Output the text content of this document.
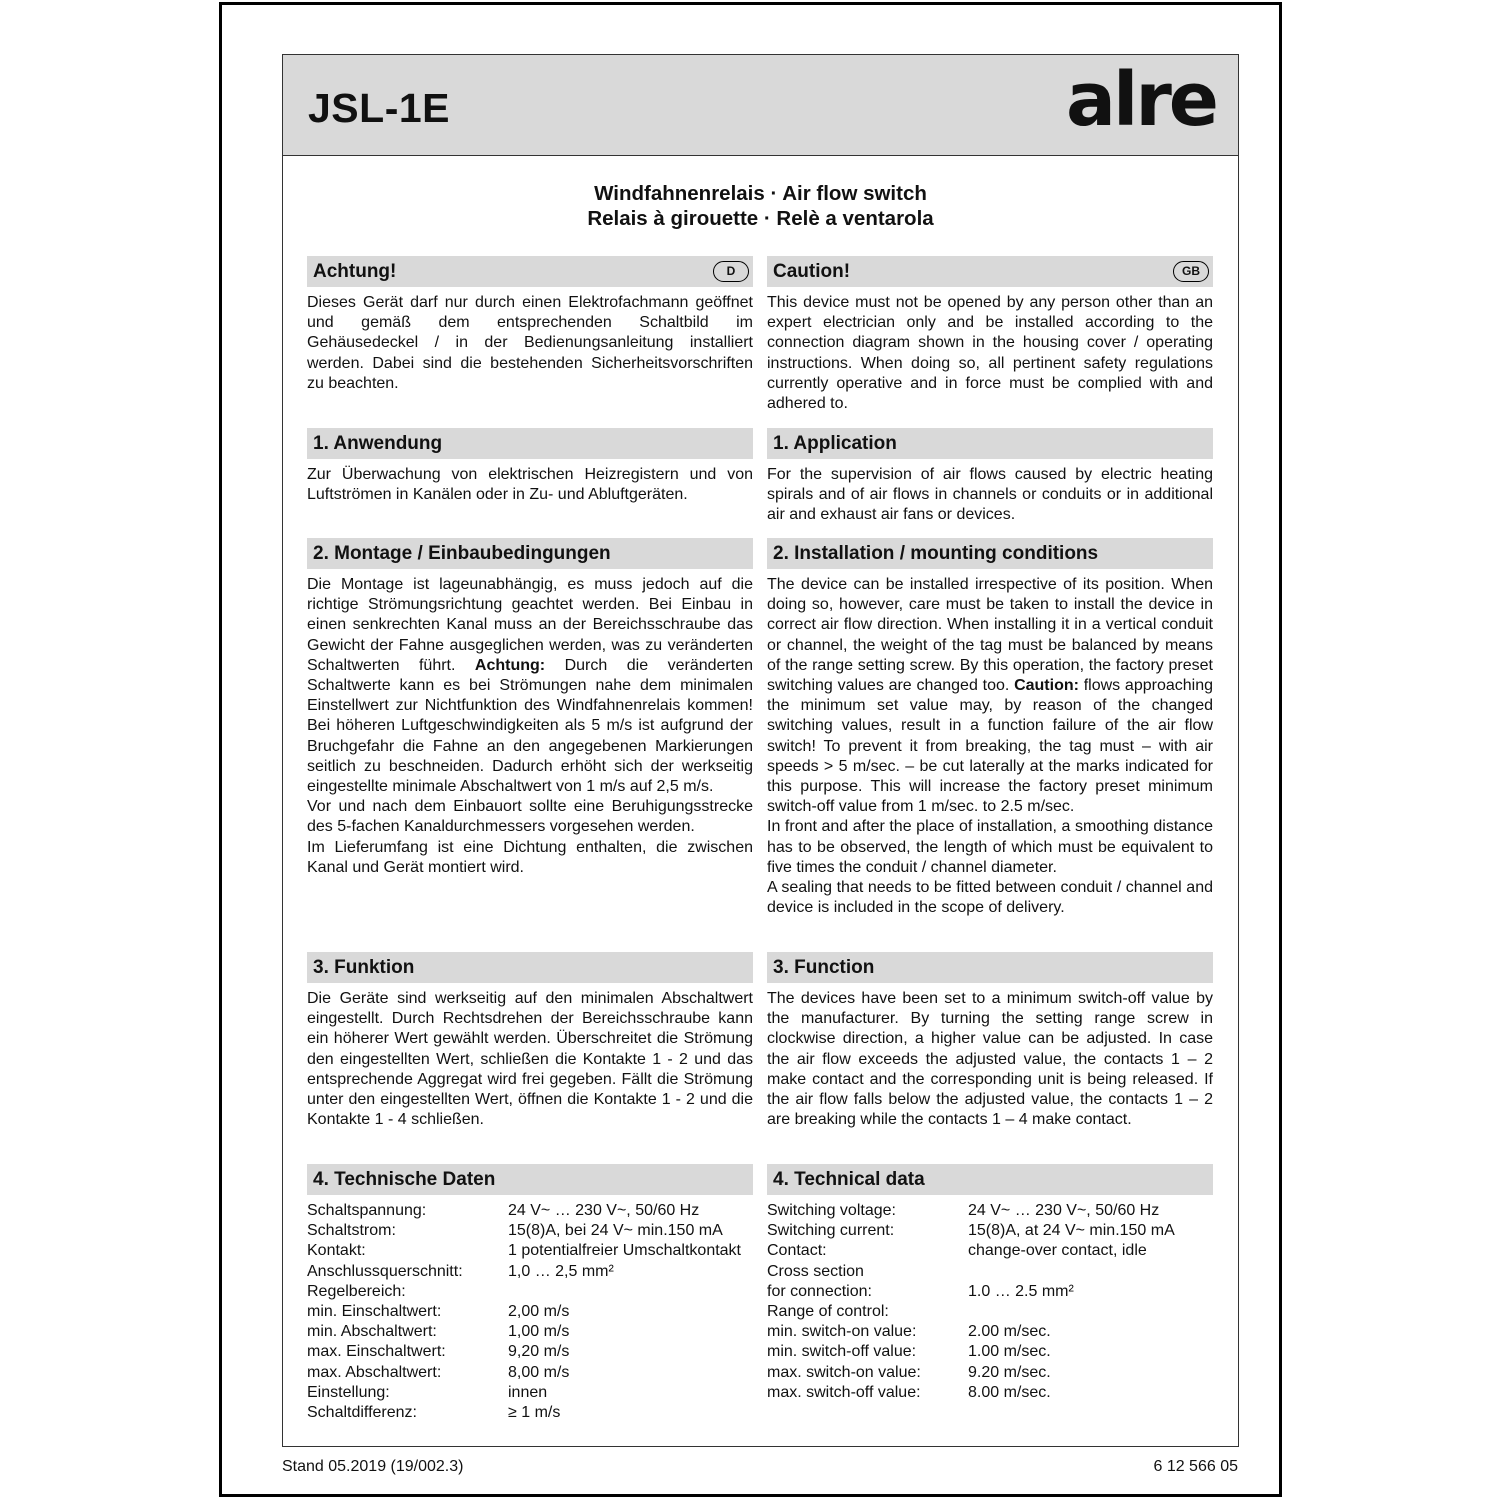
JSL-1E	alre
Windfahnenrelais · Air flow switch
Relais à girouette · Relè a ventarola
Achtung!	D

Dieses Gerät darf nur durch einen Elektrofachmann geöffnet und gemäß dem entsprechenden Schaltbild im Gehäusedeckel / in der Bedienungsanleitung installiert werden. Dabei sind die bestehenden Sicherheitsvorschriften zu beachten.

1. Anwendung

Zur Überwachung von elektrischen Heizregistern und von Luftströmen in Kanälen oder in Zu- und Abluftgeräten.

2. Montage / Einbaubedingungen

Die Montage ist lageunabhängig, es muss jedoch auf die richtige Strömungsrichtung geachtet werden. Bei Einbau in einen senkrechten Kanal muss an der Bereichsschraube das Gewicht der Fahne ausgeglichen werden, was zu veränderten Schaltwerten führt. Achtung: Durch die veränderten Schaltwerte kann es bei Strömungen nahe dem minimalen Einstellwert zur Nichtfunktion des Windfahnenrelais kommen! Bei höheren Luftgeschwindigkeiten als 5 m/s ist aufgrund der Bruchgefahr die Fahne an den angegebenen Markierungen seitlich zu beschneiden. Dadurch erhöht sich der werkseitig eingestellte minimale Abschaltwert von 1 m/s auf 2,5 m/s.

Vor und nach dem Einbauort sollte eine Beruhigungsstrecke des 5-fachen Kanaldurchmessers vorgesehen werden.

Im Lieferumfang ist eine Dichtung enthalten, die zwischen Kanal und Gerät montiert wird.

3. Funktion

Die Geräte sind werkseitig auf den minimalen Abschaltwert eingestellt. Durch Rechtsdrehen der Bereichsschraube kann ein höherer Wert gewählt werden. Überschreitet die Strömung den eingestellten Wert, schließen die Kontakte 1 - 2 und das entsprechende Aggregat wird frei gegeben. Fällt die Strömung unter den eingestellten Wert, öffnen die Kontakte 1 - 2 und die Kontakte 1 - 4 schließen.

4. Technische Daten
Schaltspannung:	24 V~ … 230 V~, 50/60 Hz
Schaltstrom:	15(8)A, bei 24 V~ min.150 mA
Kontakt:	1 potentialfreier Umschaltkontakt
Anschlussquerschnitt:	1,0 … 2,5 mm²
Regelbereich:
min. Einschaltwert:	2,00 m/s
min. Abschaltwert:	1,00 m/s
max. Einschaltwert:	9,20 m/s
max. Abschaltwert:	8,00 m/s
Einstellung:	innen
Schaltdifferenz:	≥ 1 m/s
Caution!	GB

This device must not be opened by any person other than an expert electrician only and be installed according to the connection diagram shown in the housing cover / operating instructions. When doing so, all pertinent safety regulations currently operative and in force must be complied with and adhered to.

1. Application

For the supervision of air flows caused by electric heating spirals and of air flows in channels or conduits or in additional air and exhaust air fans or devices.

2. Installation / mounting conditions

The device can be installed irrespective of its position. When doing so, however, care must be taken to install the device in correct air flow direction. When installing it in a vertical conduit or channel, the weight of the tag must be balanced by means of the range setting screw. By this operation, the factory preset switching values are changed too. Caution: flows approaching the minimum set value may, by reason of the changed switching values, result in a function failure of the air flow switch! To prevent it from breaking, the tag must – with air speeds > 5 m/sec. – be cut laterally at the marks indicated for this purpose. This will increase the factory preset minimum switch-off value from 1 m/sec. to 2.5 m/sec.

In front and after the place of installation, a smoothing distance has to be observed, the length of which must be equivalent to five times the conduit / channel diameter.

A sealing that needs to be fitted between conduit / channel and device is included in the scope of delivery.

3. Function

The devices have been set to a minimum switch-off value by the manufacturer. By turning the setting range screw in clockwise direction, a higher value can be adjusted. In case the air flow exceeds the adjusted value, the contacts 1 – 2 make contact and the corresponding unit is being released. If the air flow falls below the adjusted value, the contacts 1 – 2 are breaking while the contacts 1 – 4 make contact.

4. Technical data
Switching voltage:	24 V~ … 230 V~, 50/60 Hz
Switching current:	15(8)A, at 24 V~ min.150 mA
Contact:	change-over contact, idle
Cross section
for connection:	1.0 … 2.5 mm²
Range of control:
min. switch-on value:	2.00 m/sec.
min. switch-off value:	1.00 m/sec.
max. switch-on value:	9.20 m/sec.
max. switch-off value:	8.00 m/sec.
Stand 05.2019 (19/002.3)	6 12 566 05
